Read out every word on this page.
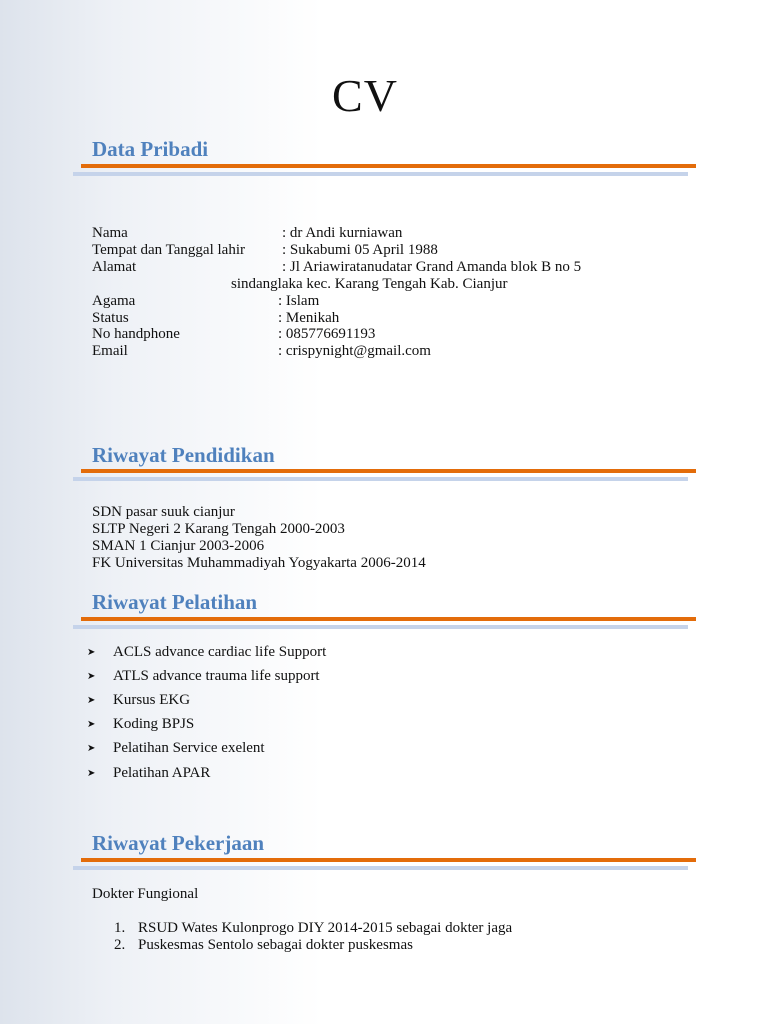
CV
Data Pribadi
Nama	: dr Andi kurniawan
Tempat dan Tanggal lahir : Sukabumi 05 April 1988
Alamat	: Jl Ariawiratanudatar Grand Amanda blok B no 5
sindanglaka kec. Karang Tengah Kab. Cianjur
Agama	: Islam
Status	: Menikah
No handphone	: 085776691193
Email	: crispynight@gmail.com
Riwayat Pendidikan
SDN pasar suuk cianjur
SLTP Negeri 2 Karang Tengah 2000-2003
SMAN 1 Cianjur 2003-2006
FK Universitas Muhammadiyah Yogyakarta 2006-2014
Riwayat Pelatihan
➤ ACLS advance cardiac life Support
➤ ATLS advance trauma life support
➤ Kursus EKG
➤ Koding BPJS
➤ Pelatihan Service exelent
➤ Pelatihan APAR
Riwayat Pekerjaan
Dokter Fungional
1. RSUD Wates Kulonprogo DIY 2014-2015 sebagai dokter jaga
2. Puskesmas Sentolo sebagai dokter puskesmas
